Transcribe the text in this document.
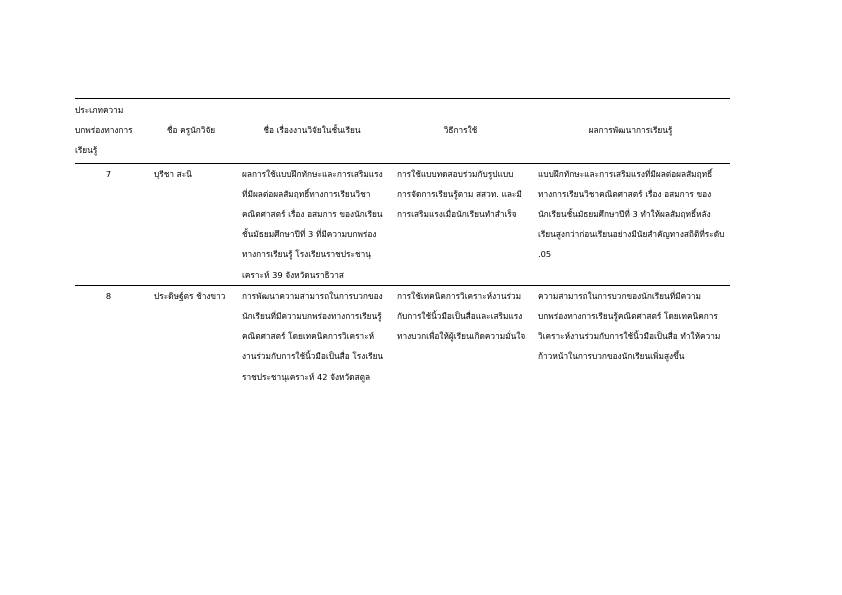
ประเภทความบกพร่องทางการเรียนรู้	ชื่อ ครูนักวิจัย	ชื่อ เรื่องงานวิจัยในชั้นเรียน	วิธีการใช้	ผลการพัฒนาการเรียนรู้
7	บุรีชา สะนิ	ผลการใช้แบบฝึกทักษะและการเสริมแรงที่มีผลต่อผลสัมฤทธิ์ทางการเรียนวิชาคณิตศาสตร์ เรื่อง อสมการ ของนักเรียนชั้นมัธยมศึกษาปีที่ 3 ที่มีความบกพร่องทางการเรียนรู้ โรงเรียนราชประชานุเคราะห์ 39 จังหวัดนราธิวาส	การใช้แบบทดสอบร่วมกับรูปแบบการจัดการเรียนรู้ตาม สสวท. และมีการเสริมแรงเมื่อนักเรียนทำสำเร็จ	แบบฝึกทักษะและการเสริมแรงที่มีผลต่อผลสัมฤทธิ์ทางการเรียนวิชาคณิตศาสตร์ เรื่อง อสมการ ของนักเรียนชั้นมัธยมศึกษาปีที่ 3 ทำให้ผลสัมฤทธิ์หลังเรียนสูงกว่าก่อนเรียนอย่างมีนัยสำคัญทางสถิติที่ระดับ .05
8	ประดิษฐ์ตร ช้างขาว	การพัฒนาความสามารถในการบวกของนักเรียนที่มีความบกพร่องทางการเรียนรู้คณิตศาสตร์ โดยเทคนิคการวิเคราะห์งานร่วมกับการใช้นิ้วมือเป็นสื่อ โรงเรียนราชประชานุเคราะห์ 42 จังหวัดสตูล	การใช้เทคนิคการวิเคราะห์งานร่วมกับการใช้นิ้วมือเป็นสื่อและเสริมแรงทางบวกเพื่อให้ผู้เรียนเกิดความมั่นใจ	ความสามารถในการบวกของนักเรียนที่มีความบกพร่องทางการเรียนรู้คณิตศาสตร์ โดยเทคนิคการวิเคราะห์งานร่วมกับการใช้นิ้วมือเป็นสื่อ ทำให้ความก้าวหน้าในการบวกของนักเรียนเพิ่มสูงขึ้น
